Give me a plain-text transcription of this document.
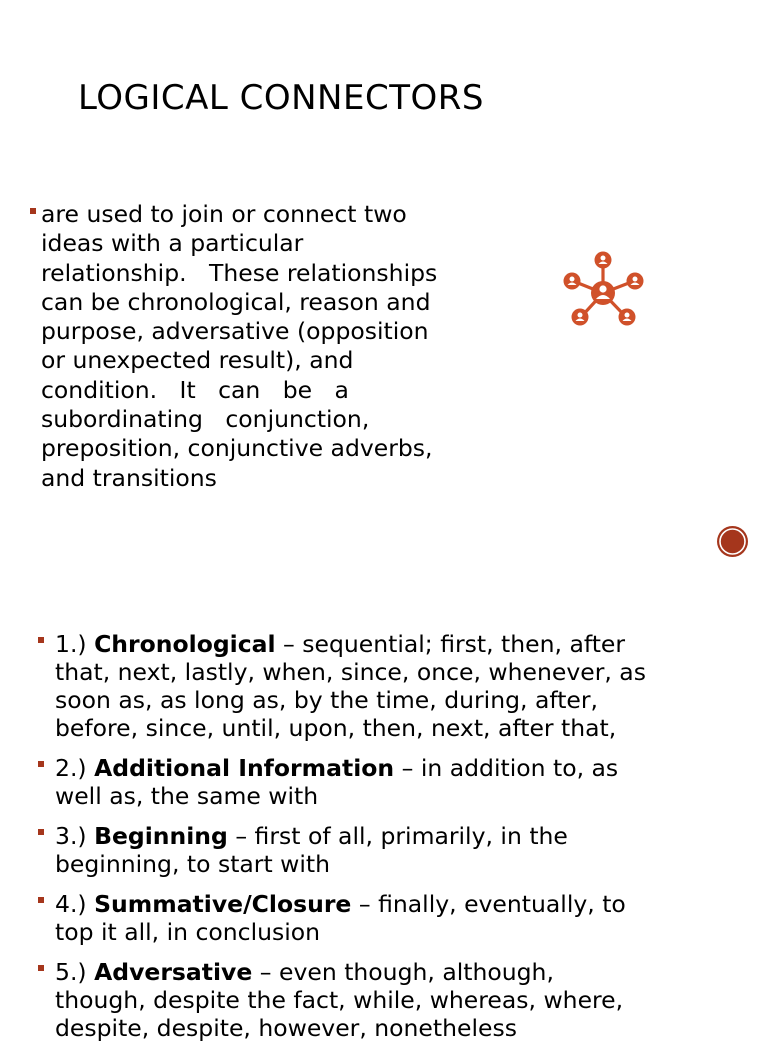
LOGICAL CONNECTORS
are used to join or connect two
ideas with a particular
relationship.   These relationships
can be chronological, reason and
purpose, adversative (opposition
or unexpected result), and
condition.   It   can   be   a
subordinating   conjunction,
preposition, conjunctive adverbs,
and transitions
1.) Chronological – sequential; first, then, after
that, next, lastly, when, since, once, whenever, as
soon as, as long as, by the time, during, after,
before, since, until, upon, then, next, after that,
2.) Additional Information – in addition to, as
well as, the same with
3.) Beginning – first of all, primarily, in the
beginning, to start with
4.) Summative/Closure – finally, eventually, to
top it all, in conclusion
5.) Adversative – even though, although,
though, despite the fact, while, whereas, where,
despite, despite, however, nonetheless
